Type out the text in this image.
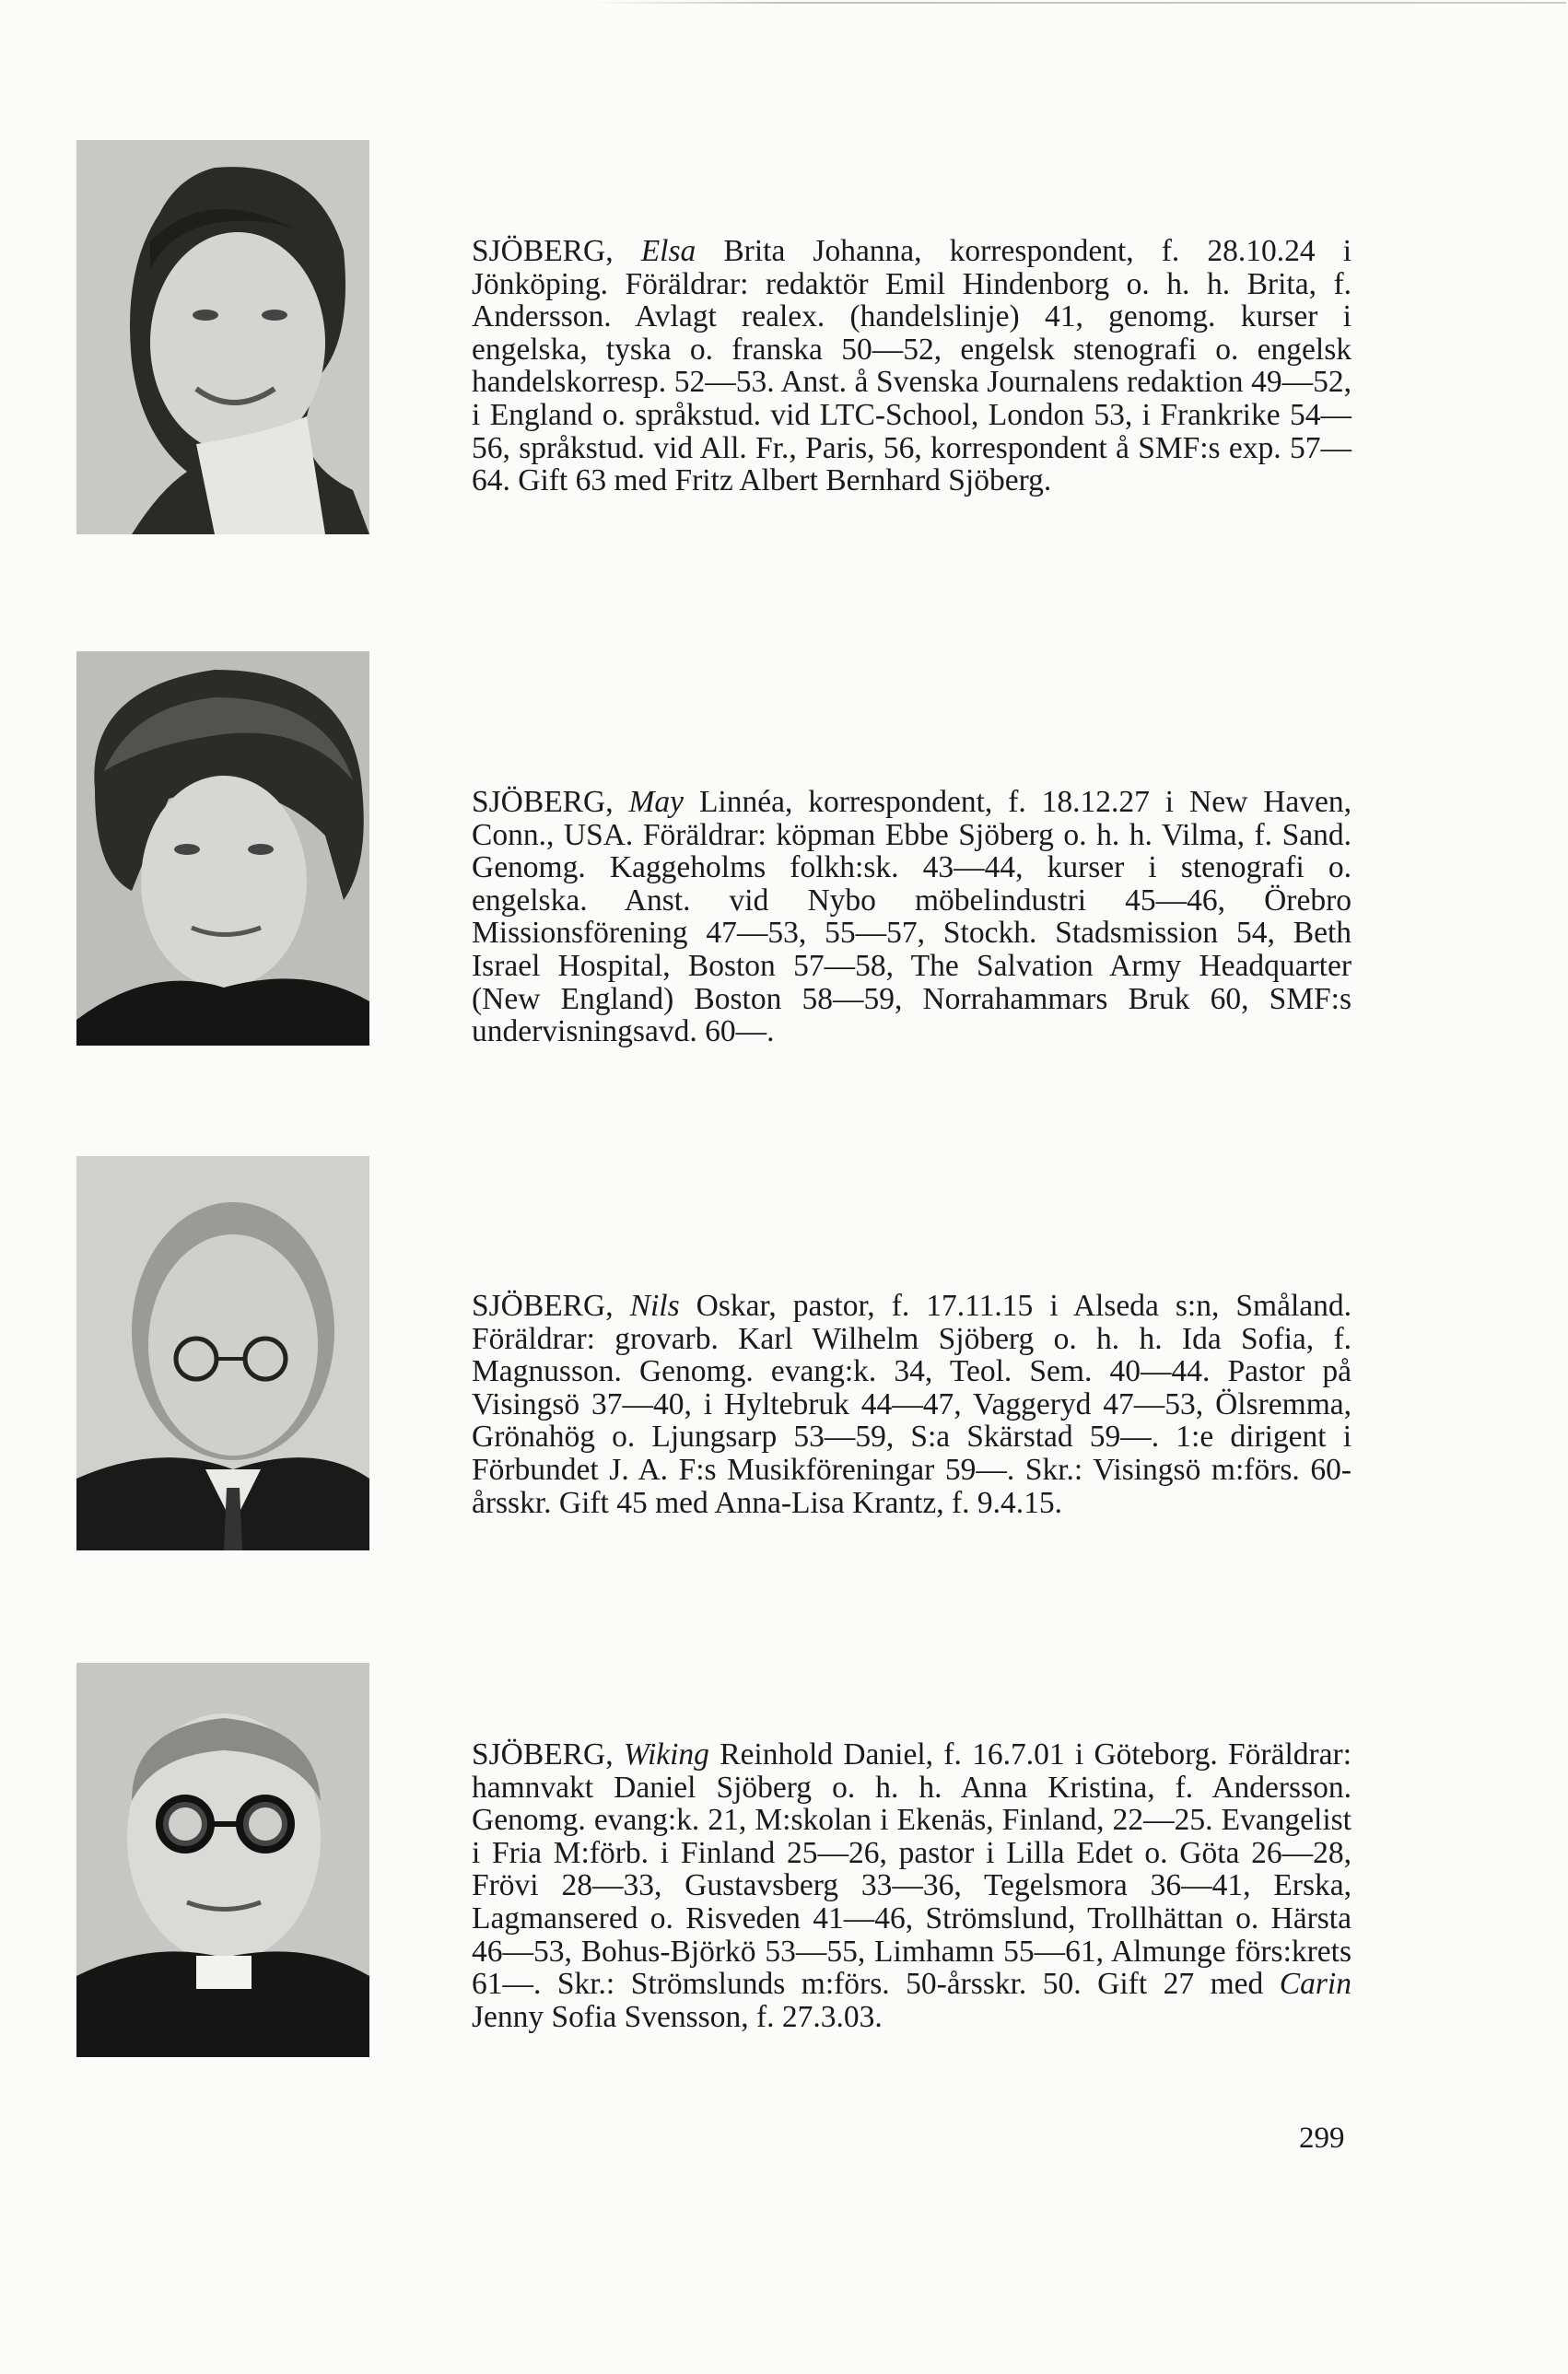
SJÖBERG, Elsa Brita Johanna, korrespondent, f. 28.10.24 i Jönköping. Föräldrar: redaktör Emil Hindenborg o. h. h. Brita, f. Andersson. Avlagt realex. (handelslinje) 41, genomg. kurser i engelska, tyska o. franska 50—52, engelsk stenografi o. engelsk handelskorresp. 52—53. Anst. å Svenska Journalens redaktion 49—52, i England o. språkstud. vid LTC-School, London 53, i Frankrike 54—56, språkstud. vid All. Fr., Paris, 56, korrespondent å SMF:s exp. 57—64. Gift 63 med Fritz Albert Bernhard Sjöberg.

SJÖBERG, May Linnéa, korrespondent, f. 18.12.27 i New Haven, Conn., USA. Föräldrar: köpman Ebbe Sjöberg o. h. h. Vilma, f. Sand. Genomg. Kaggeholms folkh:sk. 43—44, kurser i stenografi o. engelska. Anst. vid Nybo möbelindustri 45—46, Örebro Missionsförening 47—53, 55—57, Stockh. Stadsmission 54, Beth Israel Hospital, Boston 57—58, The Salvation Army Headquarter (New England) Boston 58—59, Norrahammars Bruk 60, SMF:s undervisningsavd. 60—.

SJÖBERG, Nils Oskar, pastor, f. 17.11.15 i Alseda s:n, Småland. Föräldrar: grovarb. Karl Wilhelm Sjöberg o. h. h. Ida Sofia, f. Magnusson. Genomg. evang:k. 34, Teol. Sem. 40—44. Pastor på Visingsö 37—40, i Hyltebruk 44—47, Vaggeryd 47—53, Ölsremma, Grönahög o. Ljungsarp 53—59, S:a Skärstad 59—. 1:e dirigent i Förbundet J. A. F:s Musikföreningar 59—. Skr.: Visingsö m:förs. 60-årsskr. Gift 45 med Anna-Lisa Krantz, f. 9.4.15.

SJÖBERG, Wiking Reinhold Daniel, f. 16.7.01 i Göteborg. Föräldrar: hamnvakt Daniel Sjöberg o. h. h. Anna Kristina, f. Andersson. Genomg. evang:k. 21, M:skolan i Ekenäs, Finland, 22—25. Evangelist i Fria M:förb. i Finland 25—26, pastor i Lilla Edet o. Göta 26—28, Frövi 28—33, Gustavsberg 33—36, Tegelsmora 36—41, Erska, Lagmansered o. Risveden 41—46, Strömslund, Trollhättan o. Härsta 46—53, Bohus-Björkö 53—55, Limhamn 55—61, Almunge förs:krets 61—. Skr.: Strömslunds m:förs. 50-årsskr. 50. Gift 27 med Carin Jenny Sofia Svensson, f. 27.3.03.

299
